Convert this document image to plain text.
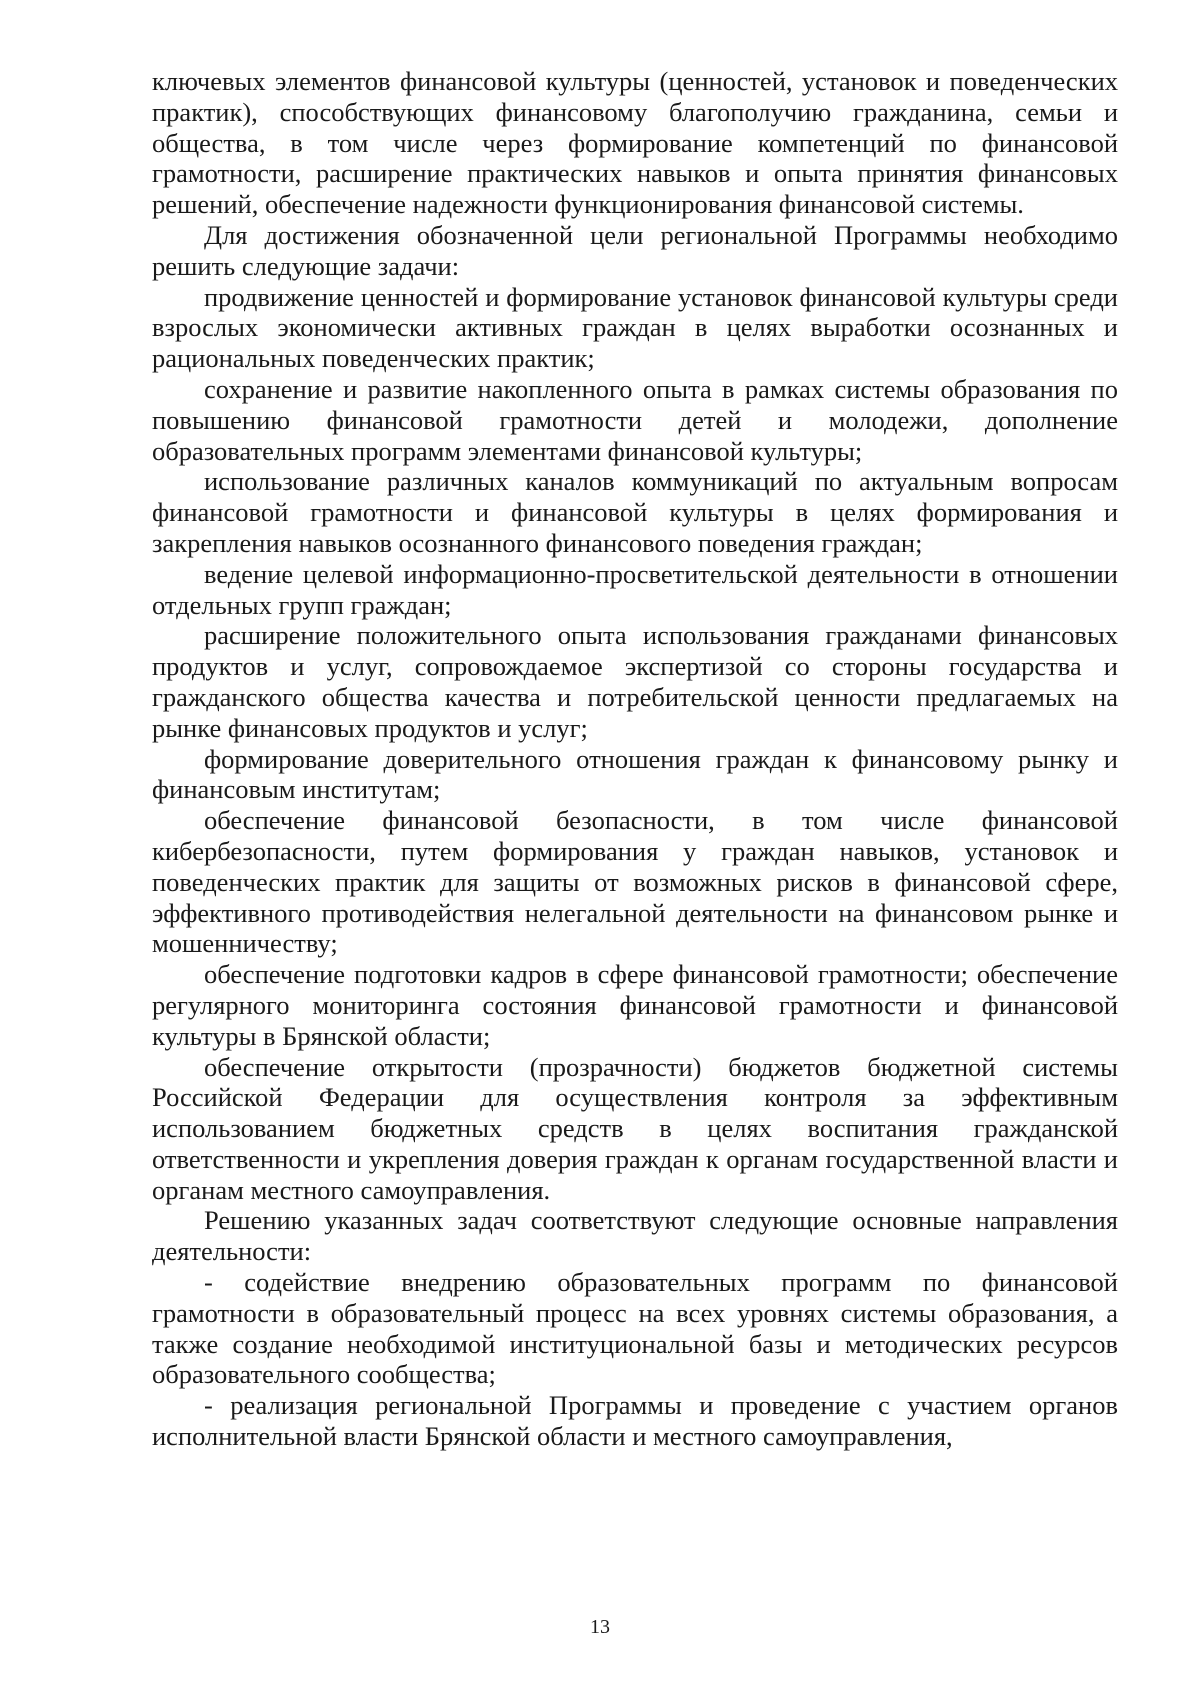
ключевых элементов финансовой культуры (ценностей, установок и поведенческих практик), способствующих финансовому благополучию гражданина, семьи и общества, в том числе через формирование компетенций по финансовой грамотности, расширение практических навыков и опыта принятия финансовых решений, обеспечение надежности функционирования финансовой системы.

Для достижения обозначенной цели региональной Программы необходимо решить следующие задачи:

продвижение ценностей и формирование установок финансовой культуры среди взрослых экономически активных граждан в целях выработки осознанных и рациональных поведенческих практик;

сохранение и развитие накопленного опыта в рамках системы образования по повышению финансовой грамотности детей и молодежи, дополнение образовательных программ элементами финансовой культуры;

использование различных каналов коммуникаций по актуальным вопросам финансовой грамотности и финансовой культуры в целях формирования и закрепления навыков осознанного финансового поведения граждан;

ведение целевой информационно-просветительской деятельности в отношении отдельных групп граждан;

расширение положительного опыта использования гражданами финансовых продуктов и услуг, сопровождаемое экспертизой со стороны государства и гражданского общества качества и потребительской ценности предлагаемых на рынке финансовых продуктов и услуг;

формирование доверительного отношения граждан к финансовому рынку и финансовым институтам;

обеспечение финансовой безопасности, в том числе финансовой кибербезопасности, путем формирования у граждан навыков, установок и поведенческих практик для защиты от возможных рисков в финансовой сфере, эффективного противодействия нелегальной деятельности на финансовом рынке и мошенничеству;

обеспечение подготовки кадров в сфере финансовой грамотности; обеспечение регулярного мониторинга состояния финансовой грамотности и финансовой культуры в Брянской области;

обеспечение открытости (прозрачности) бюджетов бюджетной системы Российской Федерации для осуществления контроля за эффективным использованием бюджетных средств в целях воспитания гражданской ответственности и укрепления доверия граждан к органам государственной власти и органам местного самоуправления.

Решению указанных задач соответствуют следующие основные направления деятельности:

- содействие внедрению образовательных программ по финансовой грамотности в образовательный процесс на всех уровнях системы образования, а также создание необходимой институциональной базы и методических ресурсов образовательного сообщества;

- реализация региональной Программы и проведение с участием органов исполнительной власти Брянской области и местного самоуправления,

13
